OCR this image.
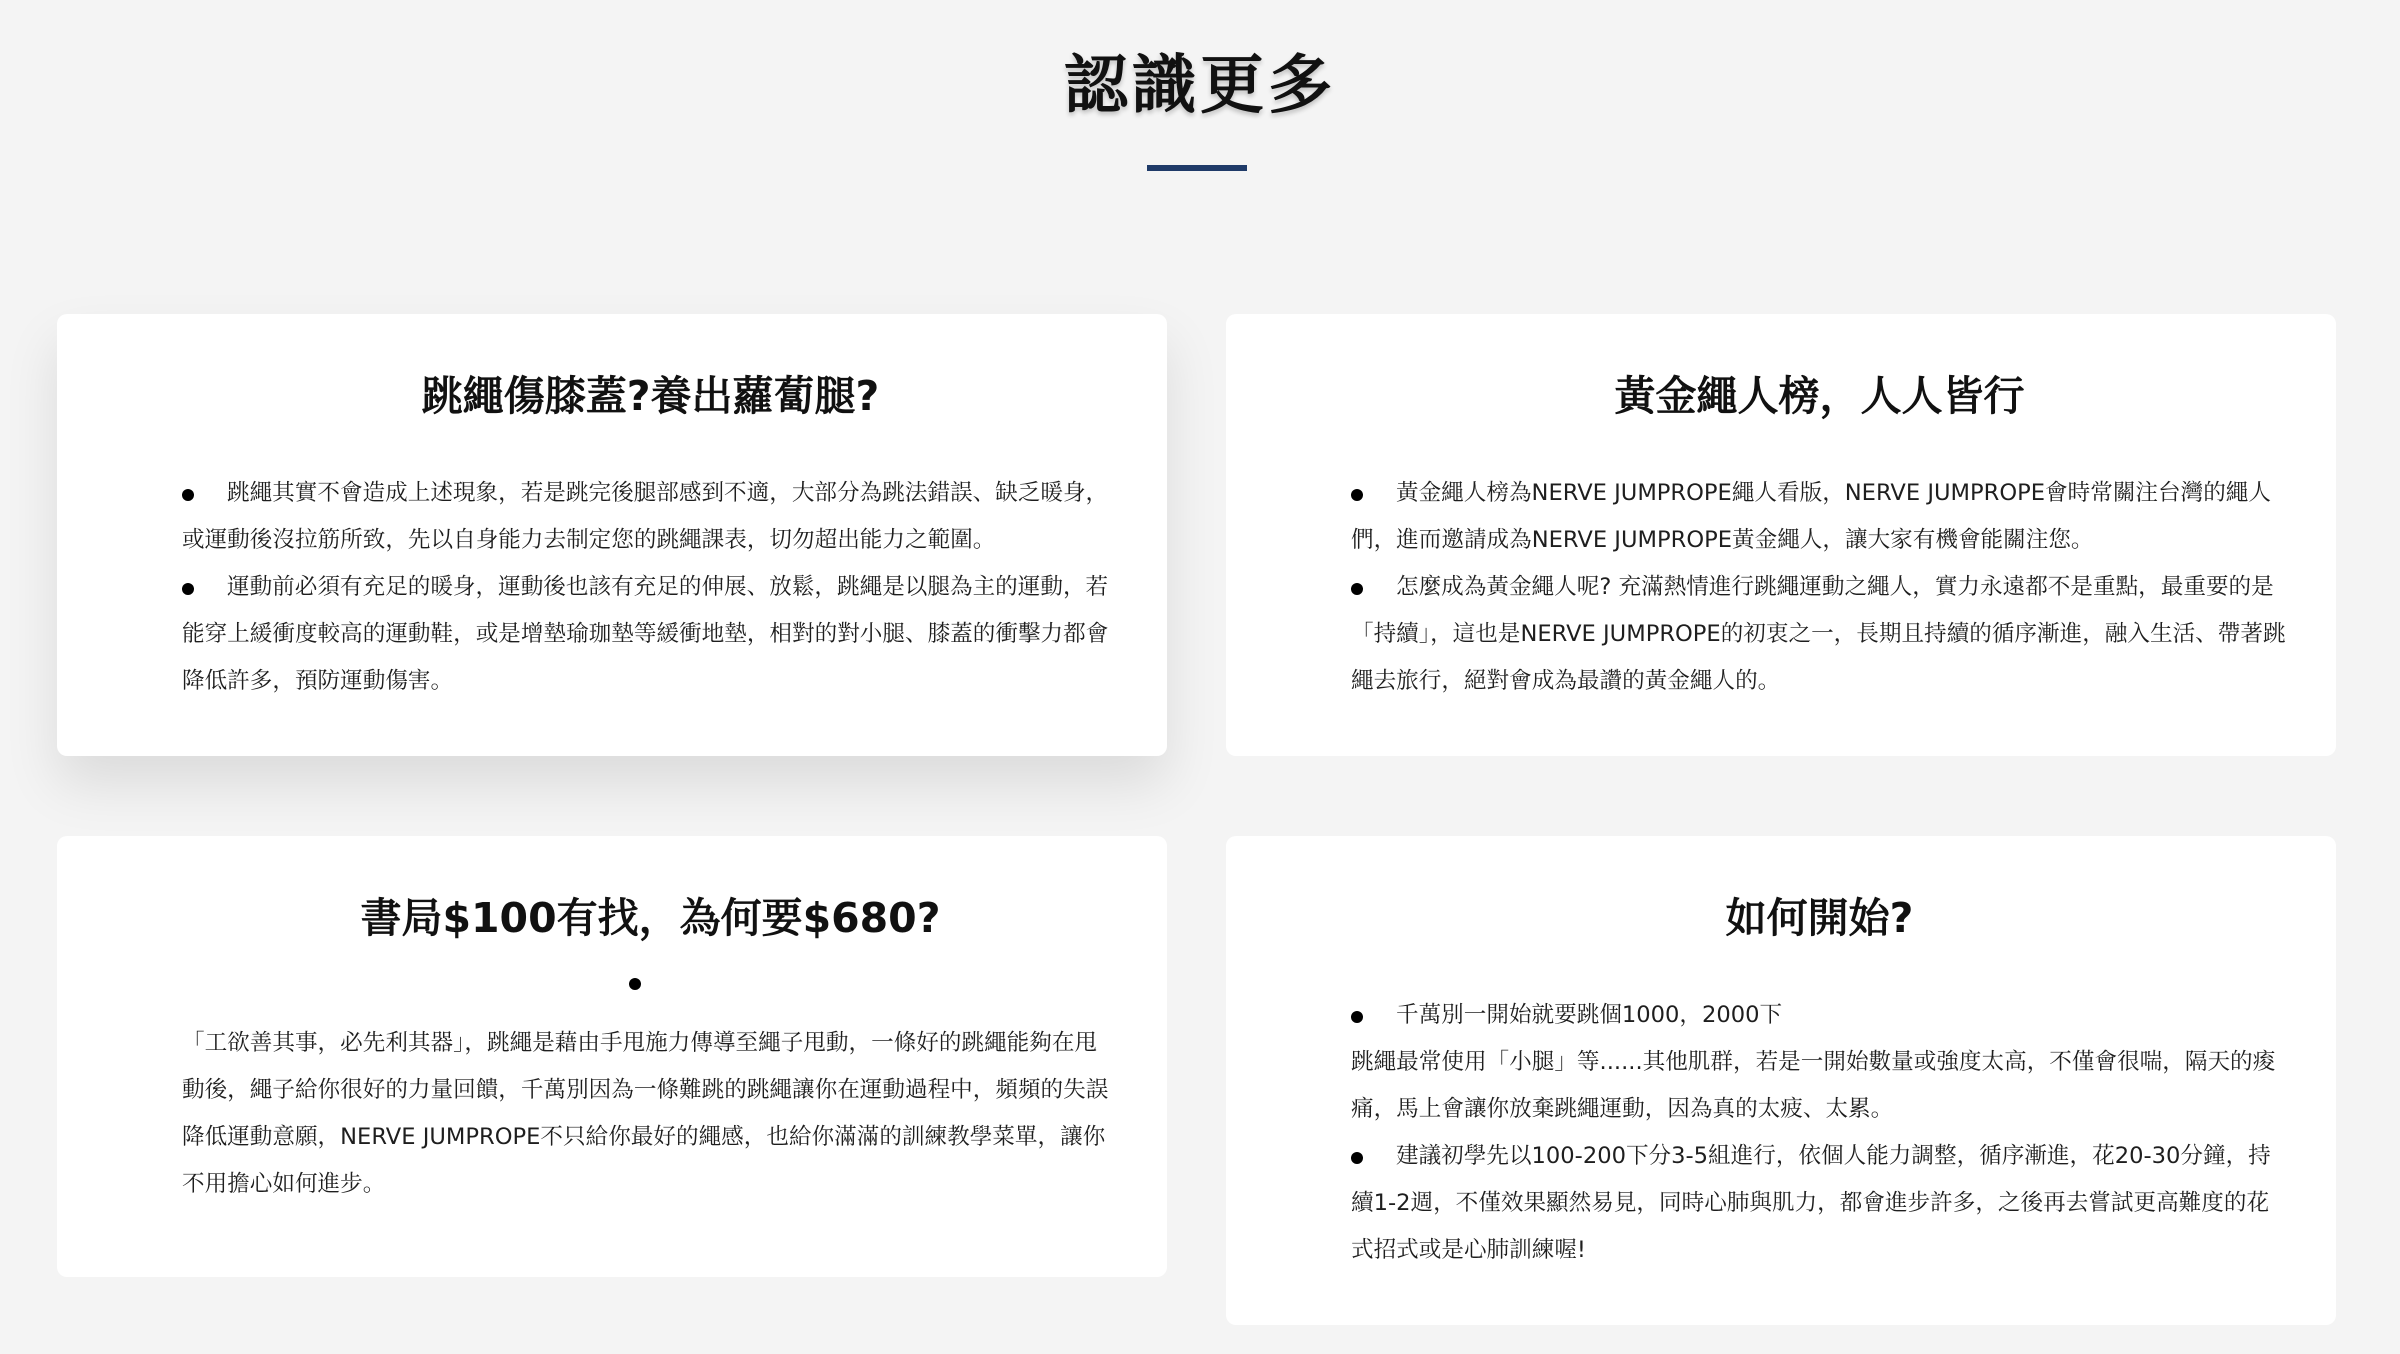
認識更多
跳繩傷膝蓋?養出蘿蔔腿?

跳繩其實不會造成上述現象，若是跳完後腿部感到不適，大部分為跳法錯誤、缺乏暖身，或運動後沒拉筋所致，先以自身能力去制定您的跳繩課表，切勿超出能力之範圍。

運動前必須有充足的暖身，運動後也該有充足的伸展、放鬆，跳繩是以腿為主的運動，若能穿上緩衝度較高的運動鞋，或是增墊瑜珈墊等緩衝地墊，相對的對小腿、膝蓋的衝擊力都會降低許多，預防運動傷害。

黃金繩人榜，人人皆行

黃金繩人榜為NERVE JUMPROPE繩人看版，NERVE JUMPROPE會時常關注台灣的繩人們，進而邀請成為NERVE JUMPROPE黃金繩人，讓大家有機會能關注您。

怎麼成為黃金繩人呢? 充滿熱情進行跳繩運動之繩人，實力永遠都不是重點，最重要的是「持續」，這也是NERVE JUMPROPE的初衷之一，長期且持續的循序漸進，融入生活、帶著跳繩去旅行，絕對會成為最讚的黃金繩人的。

書局$100有找，為何要$680?

「工欲善其事，必先利其器」，跳繩是藉由手甩施力傳導至繩子甩動，一條好的跳繩能夠在甩動後，繩子給你很好的力量回饋，千萬別因為一條難跳的跳繩讓你在運動過程中，頻頻的失誤降低運動意願，NERVE JUMPROPE不只給你最好的繩感，也給你滿滿的訓練教學菜單，讓你不用擔心如何進步。

如何開始?

千萬別一開始就要跳個1000，2000下

跳繩最常使用「小腿」等......其他肌群，若是一開始數量或強度太高，不僅會很喘，隔天的痠痛，馬上會讓你放棄跳繩運動，因為真的太疲、太累。

建議初學先以100-200下分3-5組進行，依個人能力調整，循序漸進，花20-30分鐘，持續1-2週，不僅效果顯然易見，同時心肺與肌力，都會進步許多，之後再去嘗試更高難度的花式招式或是心肺訓練喔!
